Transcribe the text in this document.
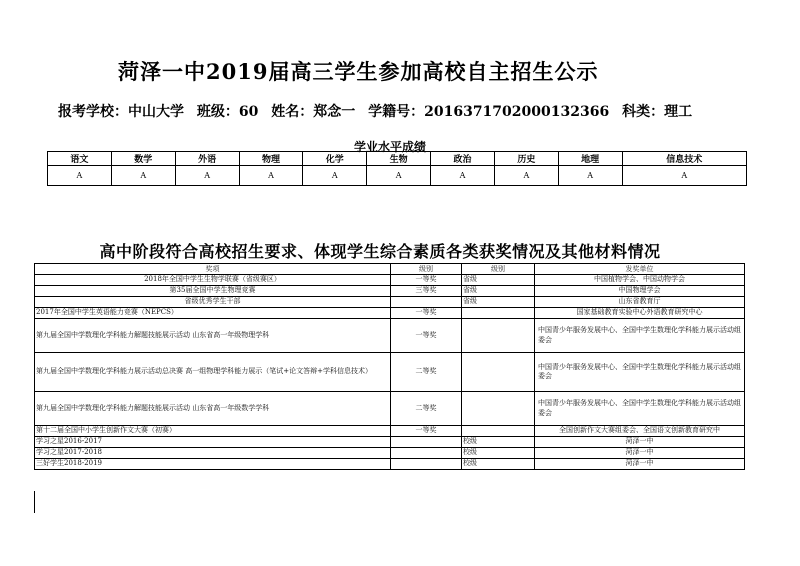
菏泽一中2019届高三学生参加高校自主招生公示
报考学校：中山大学 班级：60 姓名：郑念一 学籍号：2016371702000132366 科类：理工
学业水平成绩
语文	数学	外语	物理	化学	生物	政治	历史	地理	信息技术
A	A	A	A	A	A	A	A	A	A
高中阶段符合高校招生要求、体现学生综合素质各类获奖情况及其他材料情况
奖项	级别	级别	发奖单位
2018年全国中学生生物学联赛（省级赛区）	一等奖	省级	中国植物学会、中国动物学会
第35届全国中学生物理竞赛	三等奖	省级	中国物理学会
省级优秀学生干部		省级	山东省教育厅
2017年全国中学生英语能力竞赛（NEPCS）	一等奖		国家基础教育实验中心外语教育研究中心
第九届全国中学数理化学科能力解题技能展示活动 山东省高一年级物理学科	一等奖		中国青少年服务发展中心、全国中学生数理化学科能力展示活动组委会
第九届全国中学数理化学科能力展示活动总决赛 高一组物理学科能力展示（笔试+论文答辩+学科信息技术）	二等奖		中国青少年服务发展中心、全国中学生数理化学科能力展示活动组委会
第九届全国中学数理化学科能力解题技能展示活动 山东省高一年级数学学科	二等奖		中国青少年服务发展中心、全国中学生数理化学科能力展示活动组委会
第十二届全国中小学生创新作文大赛（初赛）	一等奖		全国创新作文大赛组委会、全国语文创新教育研究中
学习之星2016-2017		校级	菏泽一中
学习之星2017-2018		校级	菏泽一中
三好学生2018-2019		校级	菏泽一中
